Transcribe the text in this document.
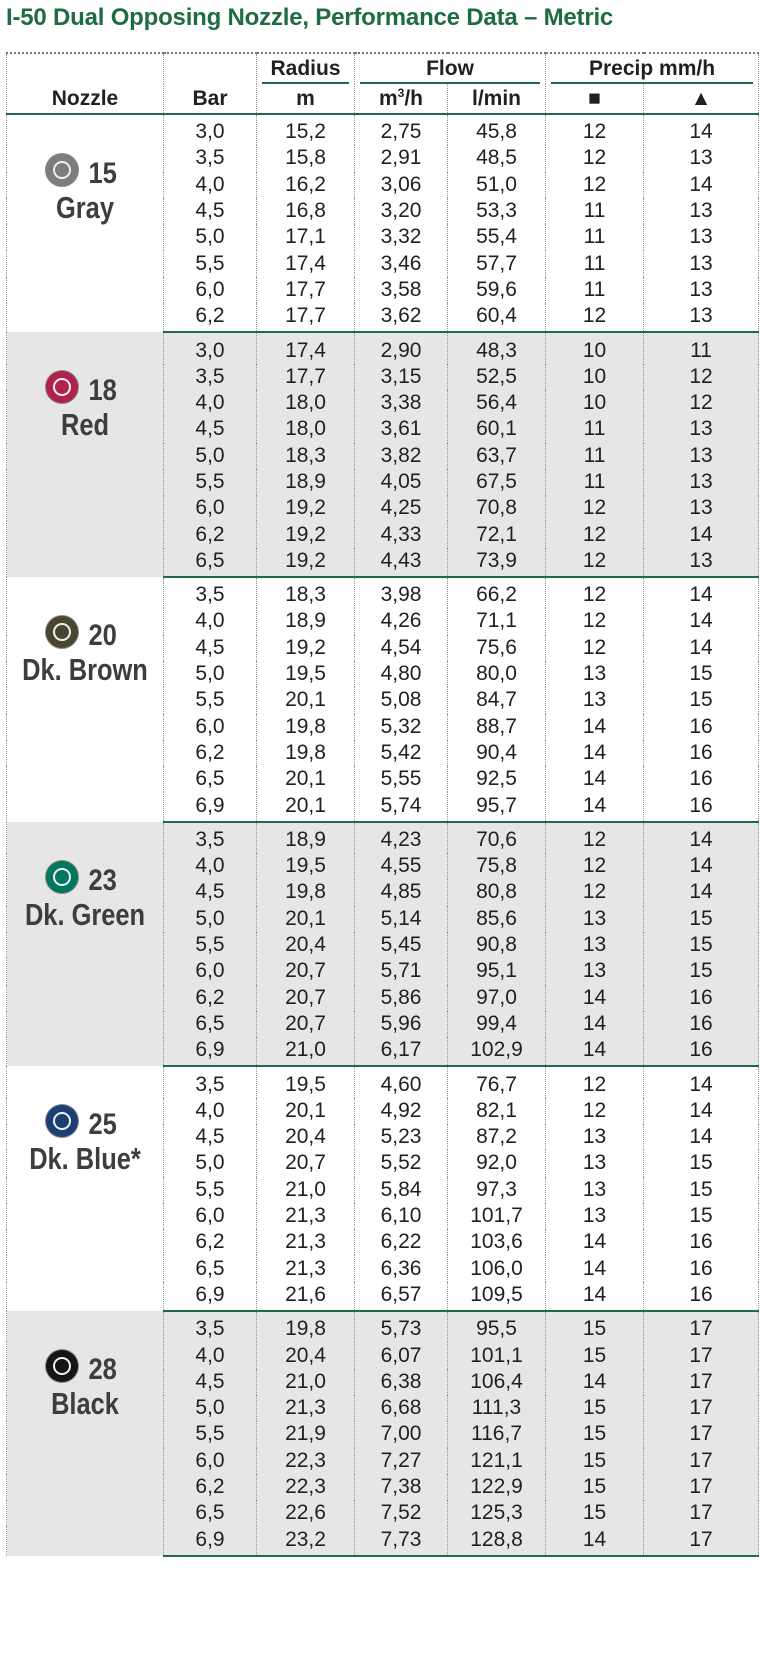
I-50 Dual Opposing Nozzle, Performance Data – Metric
		Radius	Flow		Precip mm/h	
Nozzle	Bar	m	$m^3/h$	l/min	■	▲

15
Gray	3,0	15,2	2,75	45,8	12	14
	3,5	15,8	2,91	48,5	12	13
	4,0	16,2	3,06	51,0	12	14
	4,5	16,8	3,20	53,3	11	13
	5,0	17,1	3,32	55,4	11	13
	5,5	17,4	3,46	57,7	11	13
	6,0	17,7	3,58	59,6	11	13
	6,2	17,7	3,62	60,4	12	13

18
Red	3,0	17,4	2,90	48,3	10	11
	3,5	17,7	3,15	52,5	10	12
	4,0	18,0	3,38	56,4	10	12
	4,5	18,0	3,61	60,1	11	13
	5,0	18,3	3,82	63,7	11	13
	5,5	18,9	4,05	67,5	11	13
	6,0	19,2	4,25	70,8	12	13
	6,2	19,2	4,33	72,1	12	14
	6,5	19,2	4,43	73,9	12	13

20
Dk. Brown	3,5	18,3	3,98	66,2	12	14
	4,0	18,9	4,26	71,1	12	14
	4,5	19,2	4,54	75,6	12	14
	5,0	19,5	4,80	80,0	13	15
	5,5	20,1	5,08	84,7	13	15
	6,0	19,8	5,32	88,7	14	16
	6,2	19,8	5,42	90,4	14	16
	6,5	20,1	5,55	92,5	14	16
	6,9	20,1	5,74	95,7	14	16

23
Dk. Green	3,5	18,9	4,23	70,6	12	14
	4,0	19,5	4,55	75,8	12	14
	4,5	19,8	4,85	80,8	12	14
	5,0	20,1	5,14	85,6	13	15
	5,5	20,4	5,45	90,8	13	15
	6,0	20,7	5,71	95,1	13	15
	6,2	20,7	5,86	97,0	14	16
	6,5	20,7	5,96	99,4	14	16
	6,9	21,0	6,17	102,9	14	16

25
Dk. Blue*	3,5	19,5	4,60	76,7	12	14
	4,0	20,1	4,92	82,1	12	14
	4,5	20,4	5,23	87,2	13	14
	5,0	20,7	5,52	92,0	13	15
	5,5	21,0	5,84	97,3	13	15
	6,0	21,3	6,10	101,7	13	15
	6,2	21,3	6,22	103,6	14	16
	6,5	21,3	6,36	106,0	14	16
	6,9	21,6	6,57	109,5	14	16

28
Black	3,5	19,8	5,73	95,5	15	17
	4,0	20,4	6,07	101,1	15	17
	4,5	21,0	6,38	106,4	14	17
	5,0	21,3	6,68	111,3	15	17
	5,5	21,9	7,00	116,7	15	17
	6,0	22,3	7,27	121,1	15	17
	6,2	22,3	7,38	122,9	15	17
	6,5	22,6	7,52	125,3	15	17
	6,9	23,2	7,73	128,8	14	17
